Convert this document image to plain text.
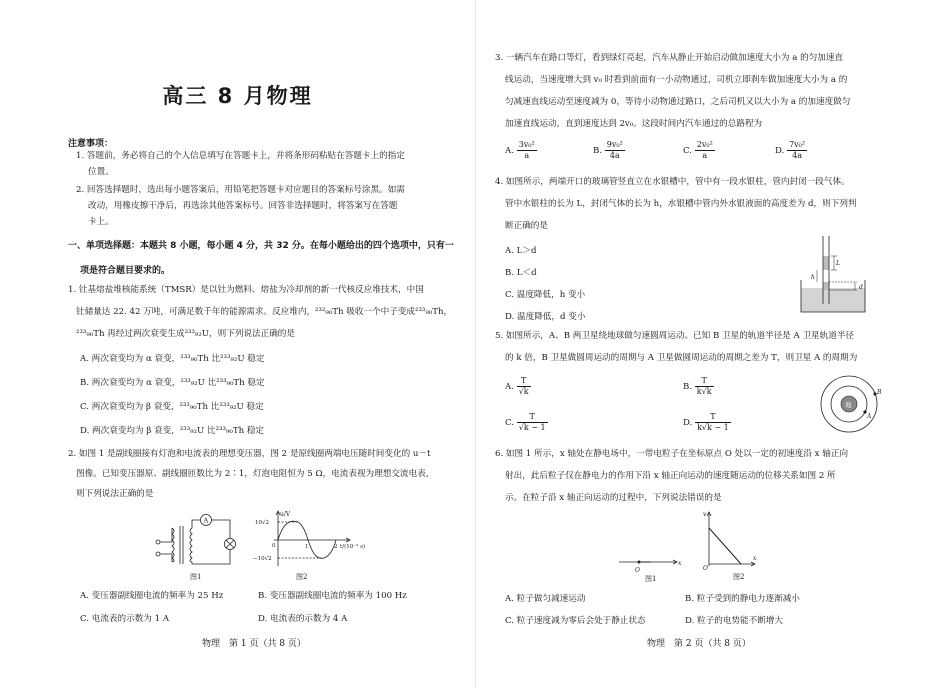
高三 8 月物理
注意事项：
1. 答题前，务必将自己的个人信息填写在答题卡上，并将条形码粘贴在答题卡上的指定
位置。
2. 回答选择题时，选出每小题答案后，用铅笔把答题卡对应题目的答案标号涂黑。如需
改动，用橡皮擦干净后，再选涂其他答案标号。回答非选择题时，将答案写在答题
卡上。
一、单项选择题：本题共 8 小题，每小题 4 分，共 32 分。在每小题给出的四个选项中，只有一
项是符合题目要求的。
1. 钍基熔盐堆核能系统（TMSR）是以钍为燃料、熔盐为冷却剂的新一代核反应堆技术，中国
钍储量达 22. 42 万吨，可满足数千年的能源需求。反应堆内，²³²₉₀Th 吸收一个中子变成²³³₉₀Th，
²³³₉₀Th 再经过两次衰变生成²³³₉₂U，则下列说法正确的是
A. 两次衰变均为 α 衰变，²³³₉₀Th 比²³³₉₂U 稳定
B. 两次衰变均为 α 衰变，²³³₉₂U 比²³³₉₀Th 稳定
C. 两次衰变均为 β 衰变，²³³₉₀Th 比²³³₉₂U 稳定
D. 两次衰变均为 β 衰变，²³³₉₂U 比²³³₉₀Th 稳定
2. 如图 1 是副线圈接有灯泡和电流表的理想变压器，图 2 是原线圈两端电压随时间变化的 u－t
图像。已知变压器原、副线圈匝数比为 2∶1，灯泡电阻恒为 5 Ω，电流表视为理想交流电表，
则下列说法正确的是
A
图1
u/V
10√2
−10√2
0	1	2 t/(10⁻² s)
图2
A. 变压器副线圈电流的频率为 25 Hz	B. 变压器副线圈电流的频率为 100 Hz
C. 电流表的示数为 1 A	D. 电流表的示数为 4 A
物理　第 1 页（共 8 页）
3. 一辆汽车在路口等灯，看到绿灯亮起，汽车从静止开始启动做加速度大小为 a 的匀加速直
线运动，当速度增大到 v₀ 时看到前面有一小动物通过，司机立即刹车做加速度大小为 a 的
匀减速直线运动至速度减为 0，等待小动物通过路口，之后司机又以大小为 a 的加速度做匀
加速直线运动，直到速度达到 2v₀。这段时间内汽车通过的总路程为
A. $\frac{\text{3v₀²}}{a}$	B. $\frac{\text{9v₀²}}{4a}$	C. $\frac{\text{2v₀²}}{a}$	D. $\frac{\text{7v₀²}}{4a}$
4. 如图所示，两端开口的玻璃管竖直立在水银槽中，管中有一段水银柱，管内封闭一段气体。
管中水银柱的长为 L，封闭气体的长为 h，水银槽中管内外水银液面的高度差为 d，则下列判
断正确的是
A. L＞d
B. L＜d
C. 温度降低，h 变小
D. 温度降低，d 变小
L
h
d
5. 如图所示，A、B 两卫星绕地球做匀速圆周运动。已知 B 卫星的轨道半径是 A 卫星轨道半径
的 k 倍，B 卫星做圆周运动的周期与 A 卫星做圆周运动的周期之差为 T，则卫星 A 的周期为
A. $\frac{T}{√k}$	B. $\frac{T}{k√k}$
C. $\frac{T}{√k - 1}$	D. $\frac{T}{k√k - 1}$
地
A
B
6. 如图 1 所示，x 轴处在静电场中，一带电粒子在坐标原点 O 处以一定的初速度沿 x 轴正向
射出，此后粒子仅在静电力的作用下沿 x 轴正向运动的速度随运动的位移关系如图 2 所
示。在粒子沿 x 轴正向运动的过程中，下列说法错误的是
O
x
图1
v
x
O
图2
A. 粒子做匀减速运动	B. 粒子受到的静电力逐渐减小
C. 粒子速度减为零后会处于静止状态	D. 粒子的电势能不断增大
物理　第 2 页（共 8 页）
